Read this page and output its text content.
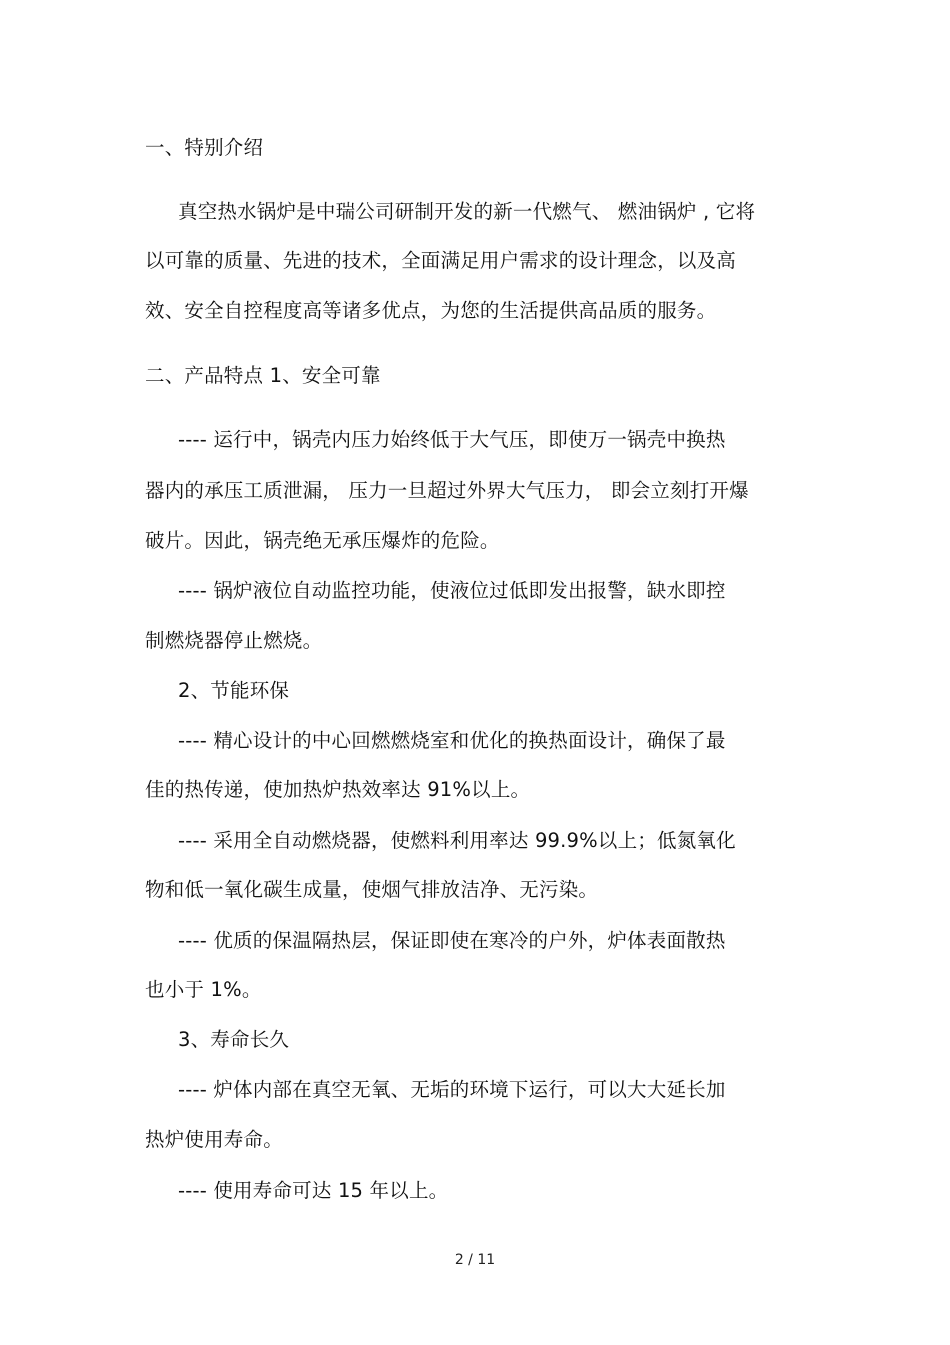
一、特别介绍
真空热水锅炉是中瑞公司研制开发的新一代燃气、 燃油锅炉 , 它将
以可靠的质量、先进的技术，全面满足用户需求的设计理念，以及高
效、安全自控程度高等诸多优点，为您的生活提供高品质的服务。
二、产品特点 1、安全可靠
---- 运行中，锅壳内压力始终低于大气压，即使万一锅壳中换热
器内的承压工质泄漏， 压力一旦超过外界大气压力， 即会立刻打开爆
破片。因此，锅壳绝无承压爆炸的危险。
---- 锅炉液位自动监控功能，使液位过低即发出报警，缺水即控
制燃烧器停止燃烧。
2、节能环保
---- 精心设计的中心回燃燃烧室和优化的换热面设计，确保了最
佳的热传递，使加热炉热效率达 91%以上。
---- 采用全自动燃烧器，使燃料利用率达 99.9%以上；低氮氧化
物和低一氧化碳生成量，使烟气排放洁净、无污染。
---- 优质的保温隔热层，保证即使在寒冷的户外，炉体表面散热
也小于 1%。
3、寿命长久
---- 炉体内部在真空无氧、无垢的环境下运行，可以大大延长加
热炉使用寿命。
---- 使用寿命可达 15 年以上。
2 / 11
